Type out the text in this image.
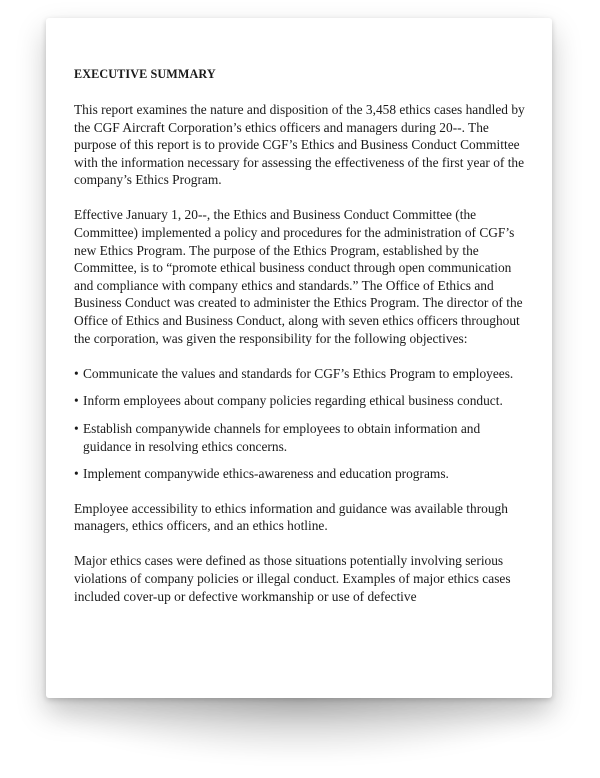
EXECUTIVE SUMMARY

This report examines the nature and disposition of the 3,458 ethics cases handled by the CGF Aircraft Corporation’s ethics officers and managers during 20--. The purpose of this report is to provide CGF’s Ethics and Business Conduct Committee with the information necessary for assessing the effectiveness of the first year of the company’s Ethics Program.

Effective January 1, 20--, the Ethics and Business Conduct Committee (the Committee) implemented a policy and procedures for the administration of CGF’s new Ethics Program. The purpose of the Ethics Program, established by the Committee, is to “promote ethical business conduct through open communication and compliance with company ethics and standards.” The Office of Ethics and Business Conduct was created to administer the Ethics Program. The director of the Office of Ethics and Business Conduct, along with seven ethics officers throughout the corporation, was given the responsibility for the following objectives:

• Communicate the values and standards for CGF’s Ethics Program to employees.
• Inform employees about company policies regarding ethical business conduct.
• Establish companywide channels for employees to obtain information and guidance in resolving ethics concerns.
• Implement companywide ethics-awareness and education programs.

Employee accessibility to ethics information and guidance was available through managers, ethics officers, and an ethics hotline.

Major ethics cases were defined as those situations potentially involving serious violations of company policies or illegal conduct. Examples of major ethics cases included cover-up or defective workmanship or use of defective
